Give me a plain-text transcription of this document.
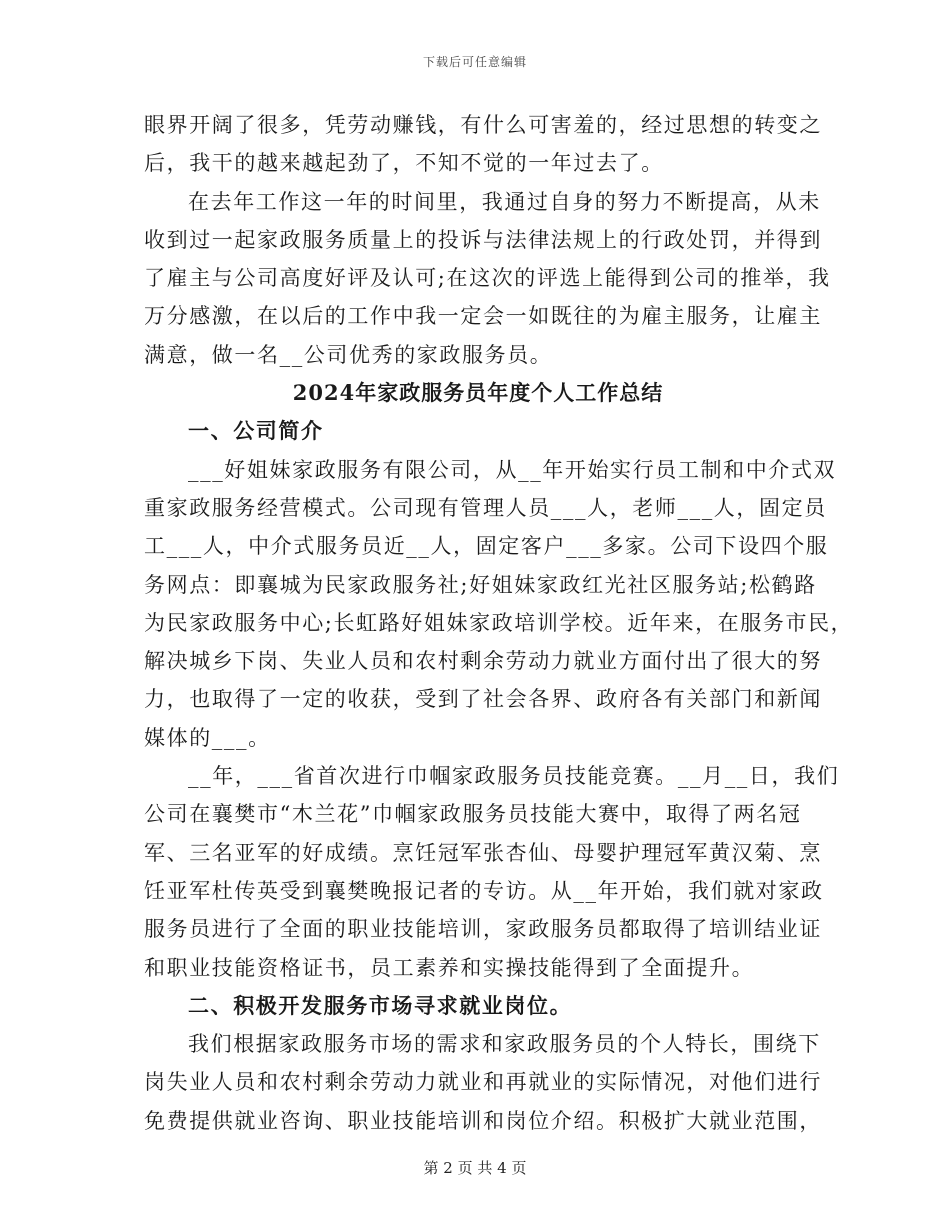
下载后可任意编辑
眼界开阔了很多，凭劳动赚钱，有什么可害羞的，经过思想的转变之
后，我干的越来越起劲了，不知不觉的一年过去了。
在去年工作这一年的时间里，我通过自身的努力不断提高，从未
收到过一起家政服务质量上的投诉与法律法规上的行政处罚，并得到
了雇主与公司高度好评及认可;在这次的评选上能得到公司的推举，我
万分感激，在以后的工作中我一定会一如既往的为雇主服务，让雇主
满意，做一名__公司优秀的家政服务员。
2024年家政服务员年度个人工作总结
一、公司简介
___好姐妹家政服务有限公司，从__年开始实行员工制和中介式双
重家政服务经营模式。公司现有管理人员___人，老师___人，固定员
工___人，中介式服务员近__人，固定客户___多家。公司下设四个服
务网点：即襄城为民家政服务社;好姐妹家政红光社区服务站;松鹤路
为民家政服务中心;长虹路好姐妹家政培训学校。近年来，在服务市民，
解决城乡下岗、失业人员和农村剩余劳动力就业方面付出了很大的努
力，也取得了一定的收获，受到了社会各界、政府各有关部门和新闻
媒体的___。
__年，___省首次进行巾帼家政服务员技能竞赛。__月__日，我们
公司在襄樊市“木兰花”巾帼家政服务员技能大赛中，取得了两名冠
军、三名亚军的好成绩。烹饪冠军张杏仙、母婴护理冠军黄汉菊、烹
饪亚军杜传英受到襄樊晚报记者的专访。从__年开始，我们就对家政
服务员进行了全面的职业技能培训，家政服务员都取得了培训结业证
和职业技能资格证书，员工素养和实操技能得到了全面提升。
二、积极开发服务市场寻求就业岗位。
我们根据家政服务市场的需求和家政服务员的个人特长，围绕下
岗失业人员和农村剩余劳动力就业和再就业的实际情况，对他们进行
免费提供就业咨询、职业技能培训和岗位介绍。积极扩大就业范围，
第 2 页 共 4 页
